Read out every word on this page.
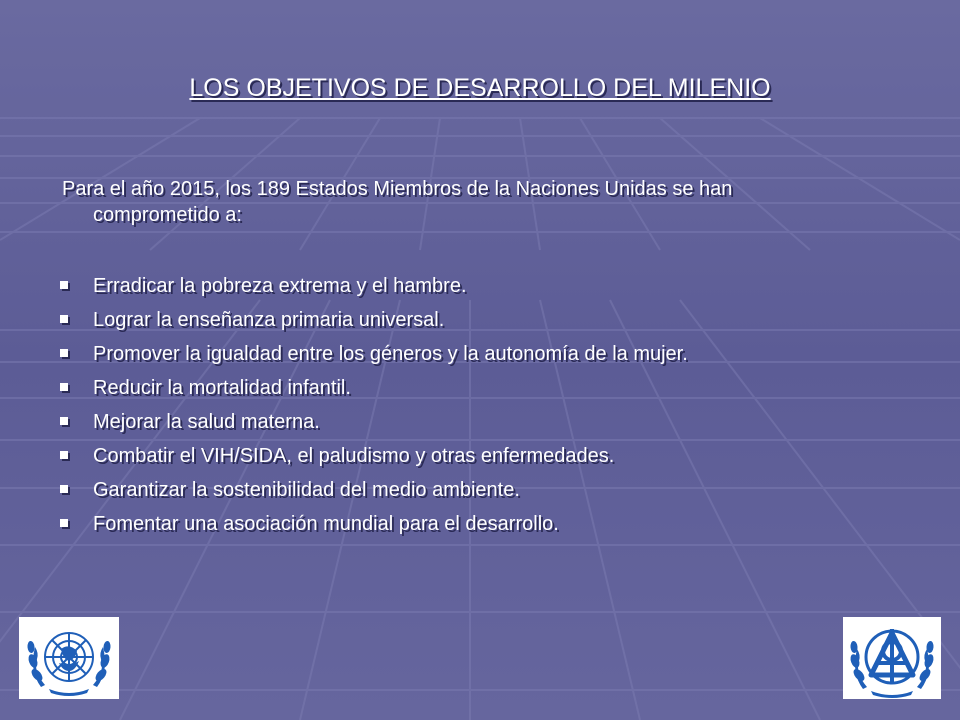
LOS OBJETIVOS DE DESARROLLO DEL MILENIO
Para el año 2015, los 189 Estados Miembros de la Naciones Unidas se han
comprometido a:
Erradicar la pobreza extrema y el hambre.
Lograr la enseñanza primaria universal.
Promover la igualdad entre los géneros y la autonomía de la mujer.
Reducir la mortalidad infantil.
Mejorar la salud materna.
Combatir el VIH/SIDA, el paludismo y otras enfermedades.
Garantizar la sostenibilidad del medio ambiente.
Fomentar una asociación mundial para el desarrollo.
